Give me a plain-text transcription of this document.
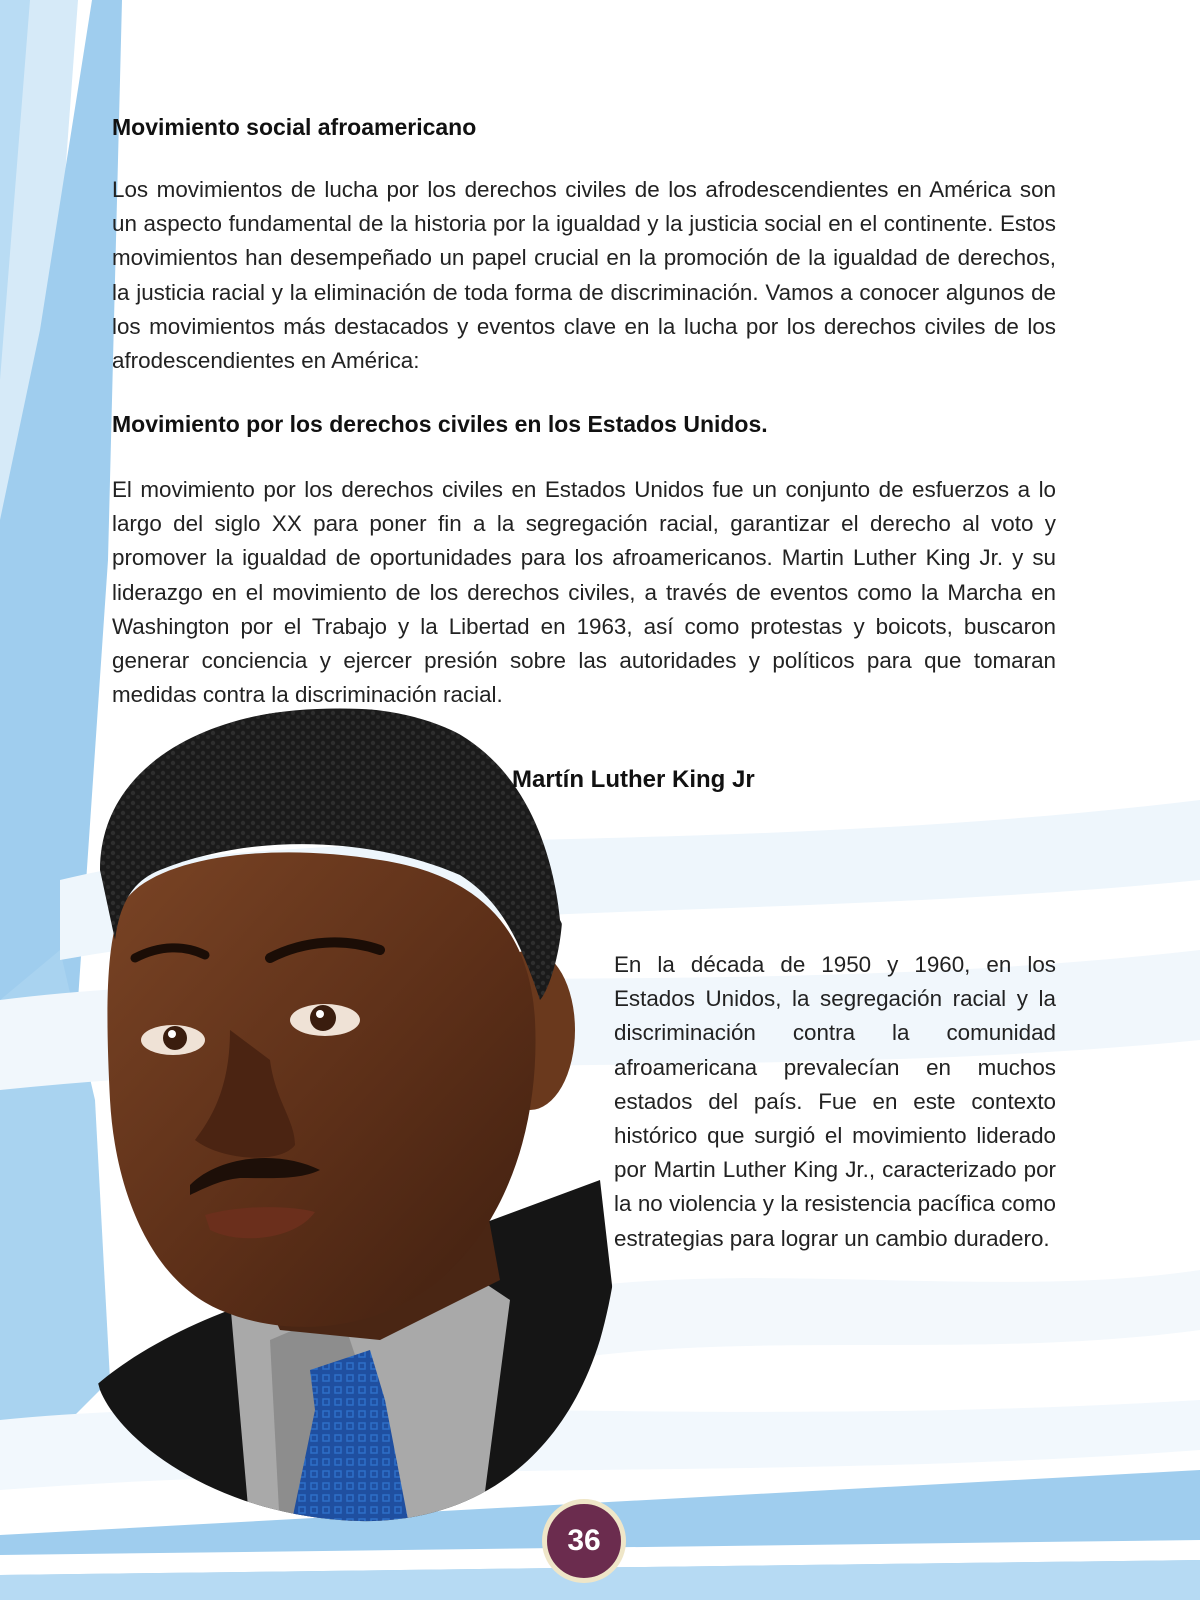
Movimiento social afroamericano

Los movimientos de lucha por los derechos civiles de los afrodescendientes en América son un aspecto fundamental de la historia por la igualdad y la justicia social en el continente. Estos movimientos han desempeñado un papel crucial en la promoción de la igualdad de derechos, la justicia racial y la eliminación de toda forma de discriminación. Vamos a conocer algunos de los movimientos más destacados y eventos clave en la lucha por los derechos civiles de los afrodescendientes en América:

Movimiento por los derechos civiles en los Estados Unidos.

El movimiento por los derechos civiles en Estados Unidos fue un conjunto de esfuerzos a lo largo del siglo XX para poner fin a la segregación racial, garantizar el derecho al voto y promover la igualdad de oportunidades para los afroamericanos. Martin Luther King Jr. y su liderazgo en el movimiento de los derechos civiles, a través de eventos como la Marcha en Washington por el Trabajo y la Libertad en 1963, así como protestas y boicots, buscaron generar conciencia y ejercer presión sobre las autoridades y políticos para que tomaran medidas contra la discriminación racial.

Martín Luther King Jr

En la década de 1950 y 1960, en los Estados Unidos, la segregación racial y la discriminación contra la comunidad afroamericana prevalecían en muchos estados del país. Fue en este contexto histórico que surgió el movimiento liderado por Martin Luther King Jr., caracterizado por la no violencia y la resistencia pacífica como estrategias para lograr un cambio duradero.

36
